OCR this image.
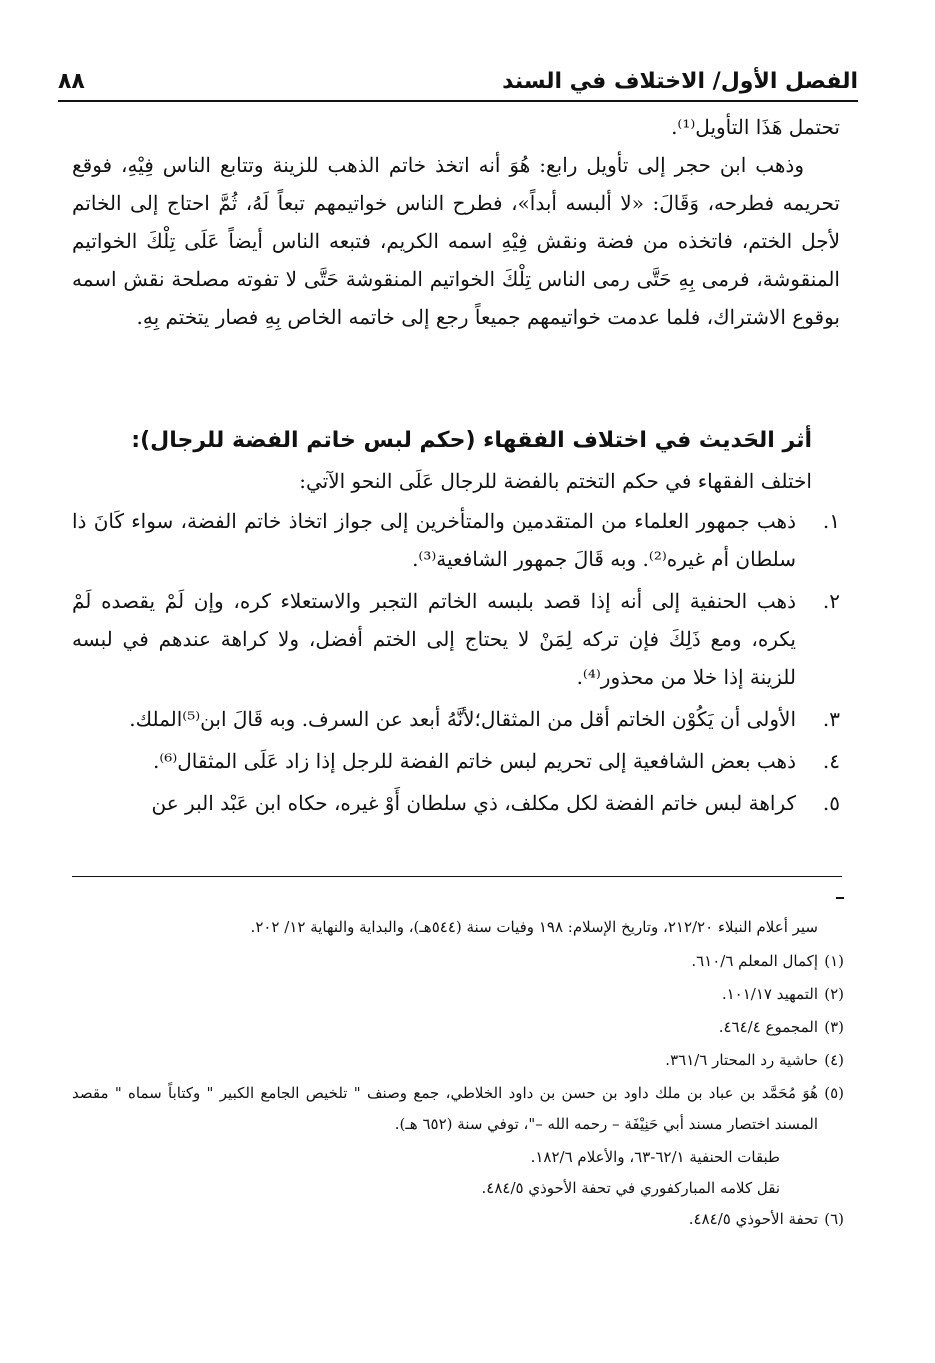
الفصل الأول/ الاختلاف في السند
٨٨

تحتمل هَذَا التأويل⁽¹⁾.

وذهب ابن حجر إلى تأويل رابع: هُوَ أنه اتخذ خاتم الذهب للزينة وتتابع الناس فِيْهِ، فوقع تحريمه فطرحه، وَقَالَ: «لا ألبسه أبداً»، فطرح الناس خواتيمهم تبعاً لَهُ، ثُمَّ احتاج إلى الخاتم لأجل الختم، فاتخذه من فضة ونقش فِيْهِ اسمه الكريم، فتبعه الناس أيضاً عَلَى تِلْكَ الخواتيم المنقوشة، فرمى بِهِ حَتَّى رمى الناس تِلْكَ الخواتيم المنقوشة حَتَّى لا تفوته مصلحة نقش اسمه بوقوع الاشتراك، فلما عدمت خواتيمهم جميعاً رجع إلى خاتمه الخاص بِهِ فصار يتختم بِهِ.

أثر الحَديث في اختلاف الفقهاء (حكم لبس خاتم الفضة للرجال):
اختلف الفقهاء في حكم التختم بالفضة للرجال عَلَى النحو الآتي:
١.
ذهب جمهور العلماء من المتقدمين والمتأخرين إلى جواز اتخاذ خاتم الفضة، سواء كَانَ ذا سلطان أم غيره⁽²⁾. وبه قَالَ جمهور الشافعية⁽³⁾.
٢.
ذهب الحنفية إلى أنه إذا قصد بلبسه الخاتم التجبر والاستعلاء كره، وإن لَمْ يقصده لَمْ يكره، ومع ذَلِكَ فإن تركه لِمَنْ لا يحتاج إلى الختم أفضل، ولا كراهة عندهم في لبسه للزينة إذا خلا من محذور⁽⁴⁾.
٣.
الأولى أن يَكُوْن الخاتم أقل من المثقال؛لأنَّهُ أبعد عن السرف. وبه قَالَ ابن⁽⁵⁾الملك.
٤.
ذهب بعض الشافعية إلى تحريم لبس خاتم الفضة للرجل إذا زاد عَلَى المثقال⁽⁶⁾.
٥.
كراهة لبس خاتم الفضة لكل مكلف، ذي سلطان أَوْ غيره، حكاه ابن عَبْد البر عن

سير أعلام النبلاء ٢١٢/٢٠، وتاريخ الإسلام: ١٩٨ وفيات سنة (٥٤٤هـ)، والبداية والنهاية ١٢/ ٢٠٢.

(١)
إكمال المعلم ٦١٠/٦.

(٢)
التمهيد ١٠١/١٧.

(٣)
المجموع ٤٦٤/٤.

(٤)
حاشية رد المحتار ٣٦١/٦.

(٥)
هُوَ مُحَمَّد بن عباد بن ملك داود بن حسن بن داود الخلاطي، جمع وصنف " تلخيص الجامع الكبير " وكتاباً سماه " مقصد المسند اختصار مسند أبي حَنِيْفَة – رحمه الله –"، توفي سنة (٦٥٢ هـ).

طبقات الحنفية ٦٢/١-٦٣، والأعلام ١٨٢/٦.

نقل كلامه المباركفوري في تحفة الأحوذي ٤٨٤/٥.

(٦)
تحفة الأحوذي ٤٨٤/٥.
